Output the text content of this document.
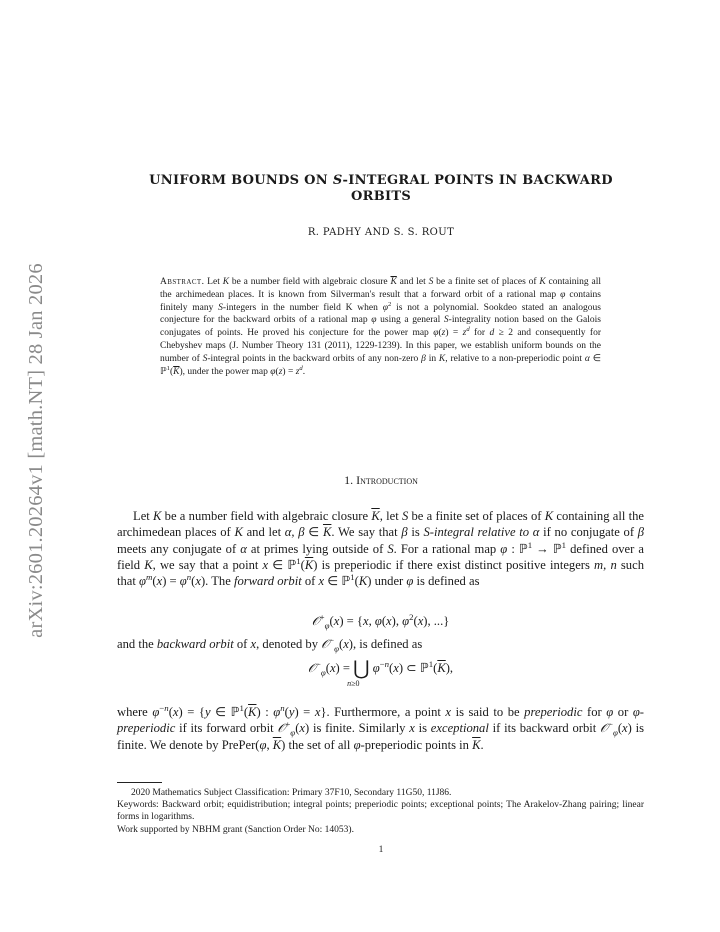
arXiv:2601.20264v1 [math.NT] 28 Jan 2026
UNIFORM BOUNDS ON S-INTEGRAL POINTS IN BACKWARD
ORBITS
R. PADHY AND S. S. ROUT
Abstract. Let K be a number field with algebraic closure $\overline{K}$ and let S be a finite set of places of K containing all the archimedean places. It is known from Silverman's result that a forward orbit of a rational map φ contains finitely many S-integers in the number field K when $\varphi^2$ is not a polynomial. Sookdeo stated an analogous conjecture for the backward orbits of a rational map φ using a general S-integrality notion based on the Galois conjugates of points. He proved his conjecture for the power map $\varphi(z) = z^d$ for d ≥ 2 and consequently for Chebyshev maps (J. Number Theory 131 (2011), 1229-1239). In this paper, we establish uniform bounds on the number of S-integral points in the backward orbits of any non-zero β in K, relative to a non-preperiodic point α ∈ $ℙ^1(\overline{K})$, under the power map $\varphi(z) = z^d$.
1. Introduction
Let K be a number field with algebraic closure $\overline{K}$, let S be a finite set of places of K containing all the archimedean places of K and let α, β ∈ $\overline{K}$. We say that β is S-integral relative to α if no conjugate of β meets any conjugate of α at primes lying outside of S. For a rational map φ : ℙ$^1$ → ℙ$^1$ defined over a field K, we say that a point x ∈ $ℙ^1(\overline{K})$ is preperiodic if there exist distinct positive integers m, n such that $\varphi^m(x) = \varphi^n(x)$. The forward orbit of x ∈ ℙ$^1$(K) under φ is defined as
𝒪+$_\varphi$(x) = {x, φ(x), $\varphi^2(x)$, ...}
and the backward orbit of x, denoted by 𝒪−$_\varphi$(x), is defined as
𝒪−$_\varphi$(x) = ⋃
n≥0
$\varphi^{-n}(x)$ ⊂ $ℙ^1(\overline{K})$,
where $\varphi^{-n}(x) = \{y$ ∈ $ℙ^1(\overline{K})$ : $\varphi^n(y) = x$}. Furthermore, a point x is said to be preperiodic for φ or φ-preperiodic if its forward orbit 𝒪+$_\varphi$(x) is finite. Similarly x is exceptional if its backward orbit 𝒪−$_\varphi$(x) is finite. We denote by PrePer(φ, $\overline{K}$) the set of all φ-preperiodic points in $\overline{K}$.
2020 Mathematics Subject Classification: Primary 37F10, Secondary 11G50, 11J86.
Keywords: Backward orbit; equidistribution; integral points; preperiodic points; exceptional points; The Arakelov-Zhang pairing; linear forms in logarithms.
Work supported by NBHM grant (Sanction Order No: 14053).
1
